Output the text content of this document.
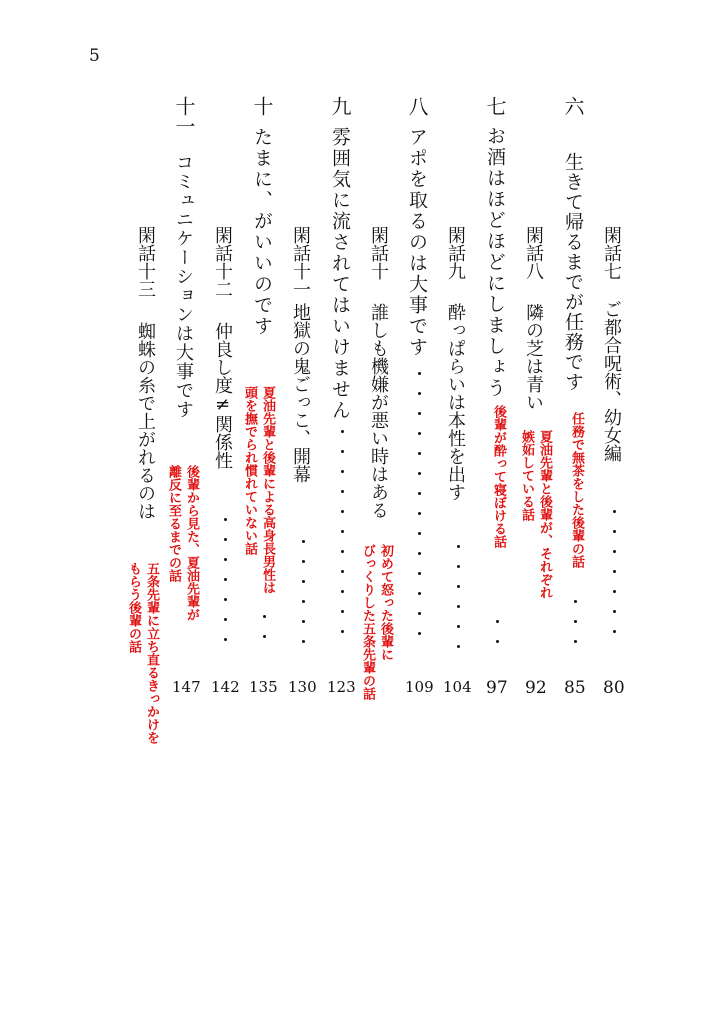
5
六
生きて帰るまでが任務です
七
お酒はほどほどにしましょう
八
アポを取るのは大事です
九
雰囲気に流されてはいけません
十
たまに、がいいのです
十一
コミュニケーションは大事です	閑話七
ご都合呪術、幼女編
閑話八
隣の芝は青い
閑話九
酔っぱらいは本性を出す
閑話十
誰しも機嫌が悪い時はある
閑話十一
地獄の鬼ごっこ、開幕
閑話十二
仲良し度≠関係性
閑話十三
蜘蛛の糸で上がれるのは
80
85
92
97
104
109
123
130
135
142
147
任務で無茶をした後輩の話
夏油先輩と後輩が、それぞれ
嫉妬している話
後輩が酔って寝ぼける話
初めて怒った後輩に
びっくりした五条先輩の話
夏油先輩と後輩による高身長男性は
頭を撫でられ慣れていない話
後輩から見た、夏油先輩が
離反に至るまでの話
五条先輩に立ち直るきっかけを
もらう後輩の話
